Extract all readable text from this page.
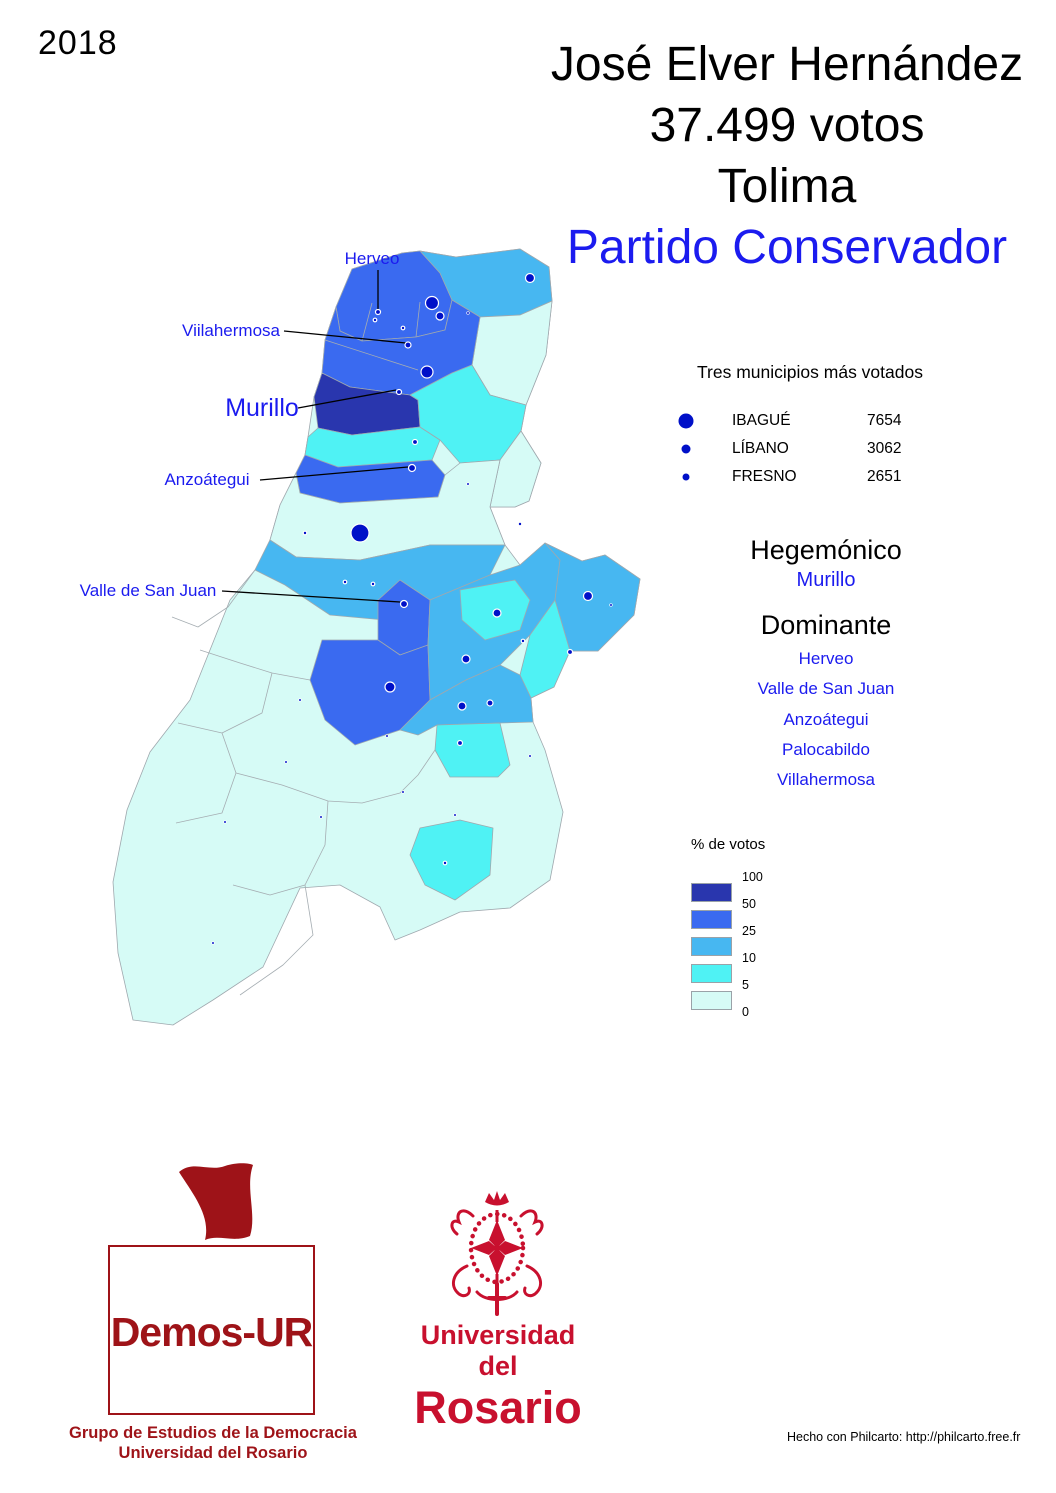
2018	José Elver Hernández
37.499 votos
Tolima
Partido Conservador
Herveo
Viilahermosa
Murillo
Anzoátegui
Valle de San Juan
Tres municipios más votados
IBAGUÉ	7654
LÍBANO	3062
FRESNO	2651
Hegemónico
Murillo
Dominante
Herveo
Valle de San Juan
Anzoátegui
Palocabildo
Villahermosa
% de votos
100
50
25
10
5
0
Demos-UR
Grupo de Estudios de la Democracia
Universidad del Rosario
Universidad del
Rosario
Hecho con Philcarto: http://philcarto.free.fr
